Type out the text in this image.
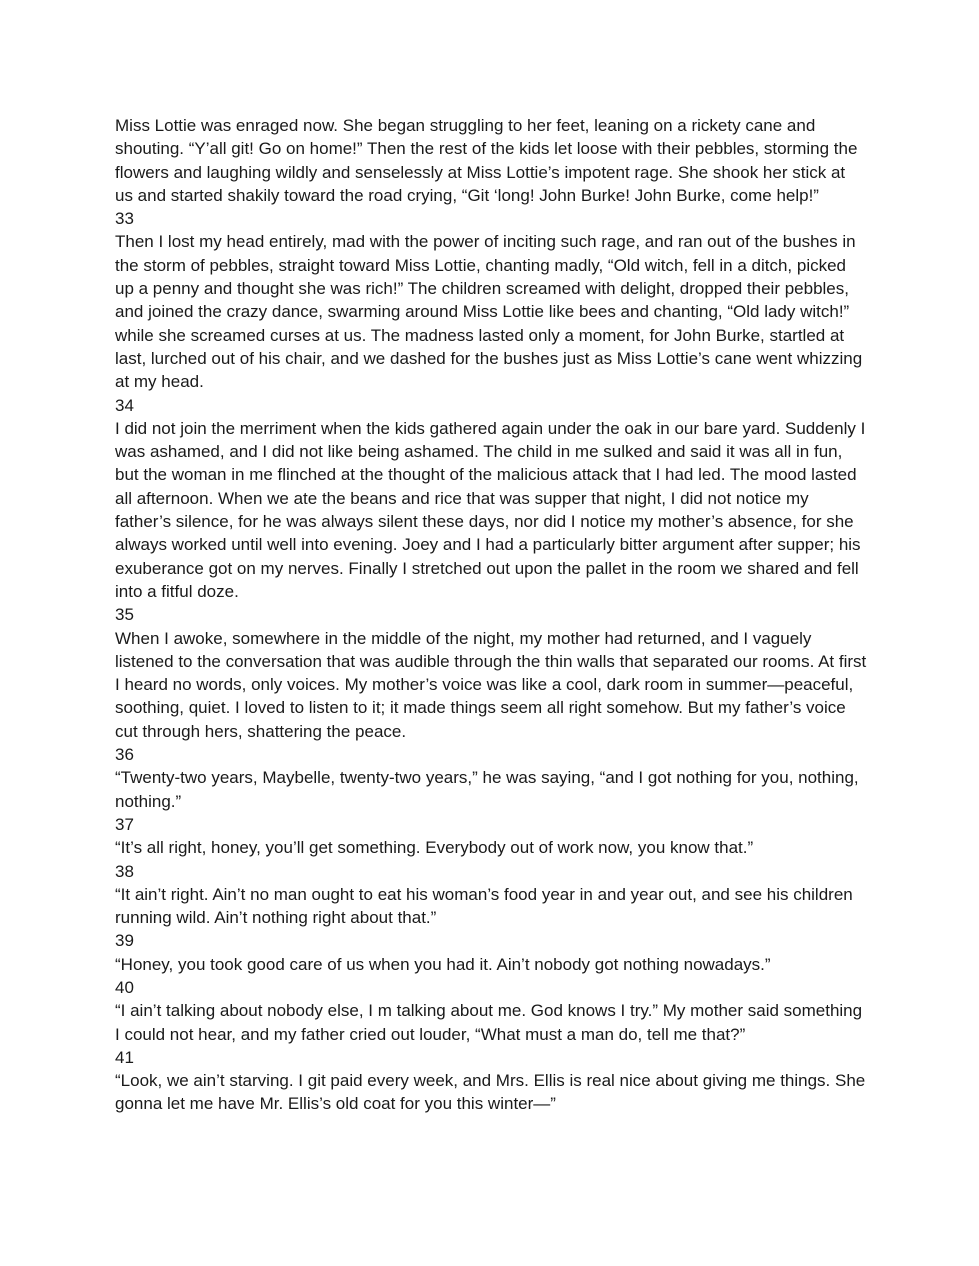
Miss Lottie was enraged now. She began struggling to her feet, leaning on a rickety cane and shouting. “Y’all git! Go on home!” Then the rest of the kids let loose with their pebbles, storming the flowers and laughing wildly and senselessly at Miss Lottie’s impotent rage. She shook her stick at us and started shakily toward the road crying, “Git ‘long! John Burke! John Burke, come help!”

33

Then I lost my head entirely, mad with the power of inciting such rage, and ran out of the bushes in the storm of pebbles, straight toward Miss Lottie, chanting madly, “Old witch, fell in a ditch, picked up a penny and thought she was rich!” The children screamed with delight, dropped their pebbles, and joined the crazy dance, swarming around Miss Lottie like bees and chanting, “Old lady witch!” while she screamed curses at us. The madness lasted only a moment, for John Burke, startled at last, lurched out of his chair, and we dashed for the bushes just as Miss Lottie’s cane went whizzing at my head.

34

I did not join the merriment when the kids gathered again under the oak in our bare yard. Suddenly I was ashamed, and I did not like being ashamed. The child in me sulked and said it was all in fun, but the woman in me flinched at the thought of the malicious attack that I had led. The mood lasted all afternoon. When we ate the beans and rice that was supper that night, I did not notice my father’s silence, for he was always silent these days, nor did I notice my mother’s absence, for she always worked until well into evening. Joey and I had a particularly bitter argument after supper; his exuberance got on my nerves. Finally I stretched out upon the pallet in the room we shared and fell into a fitful doze.

35

When I awoke, somewhere in the middle of the night, my mother had returned, and I vaguely listened to the conversation that was audible through the thin walls that separated our rooms. At first I heard no words, only voices. My mother’s voice was like a cool, dark room in summer—peaceful, soothing, quiet. I loved to listen to it; it made things seem all right somehow. But my father’s voice cut through hers, shattering the peace.

36

“Twenty-two years, Maybelle, twenty-two years,” he was saying, “and I got nothing for you, nothing, nothing.”

37

“It’s all right, honey, you’ll get something. Everybody out of work now, you know that.”

38

“It ain’t right. Ain’t no man ought to eat his woman’s food year in and year out, and see his children running wild. Ain’t nothing right about that.”

39

“Honey, you took good care of us when you had it. Ain’t nobody got nothing nowadays.”

40

“I ain’t talking about nobody else, I m talking about me. God knows I try.” My mother said something I could not hear, and my father cried out louder, “What must a man do, tell me that?”

41

“Look, we ain’t starving. I git paid every week, and Mrs. Ellis is real nice about giving me things. She gonna let me have Mr. Ellis’s old coat for you this winter—”
